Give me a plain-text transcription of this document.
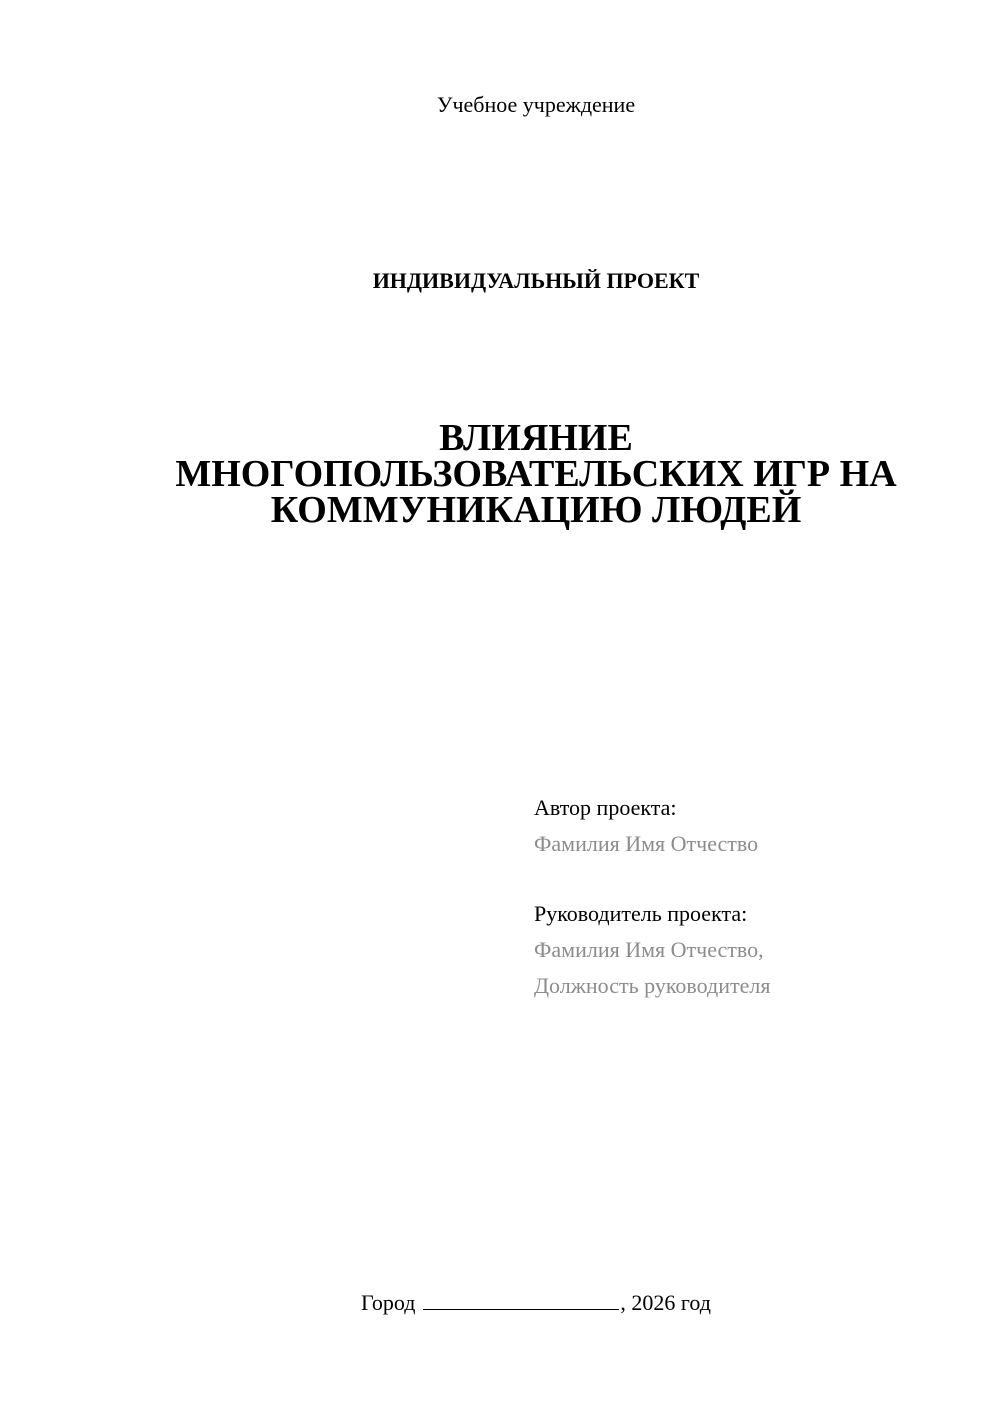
Учебное учреждение
ИНДИВИДУАЛЬНЫЙ ПРОЕКТ
ВЛИЯНИЕ
МНОГОПОЛЬЗОВАТЕЛЬСКИХ ИГР НА
КОММУНИКАЦИЮ ЛЮДЕЙ
Автор проекта:
Фамилия Имя Отчество
Руководитель проекта:
Фамилия Имя Отчество,
Должность руководителя
Город	, 2026 год
